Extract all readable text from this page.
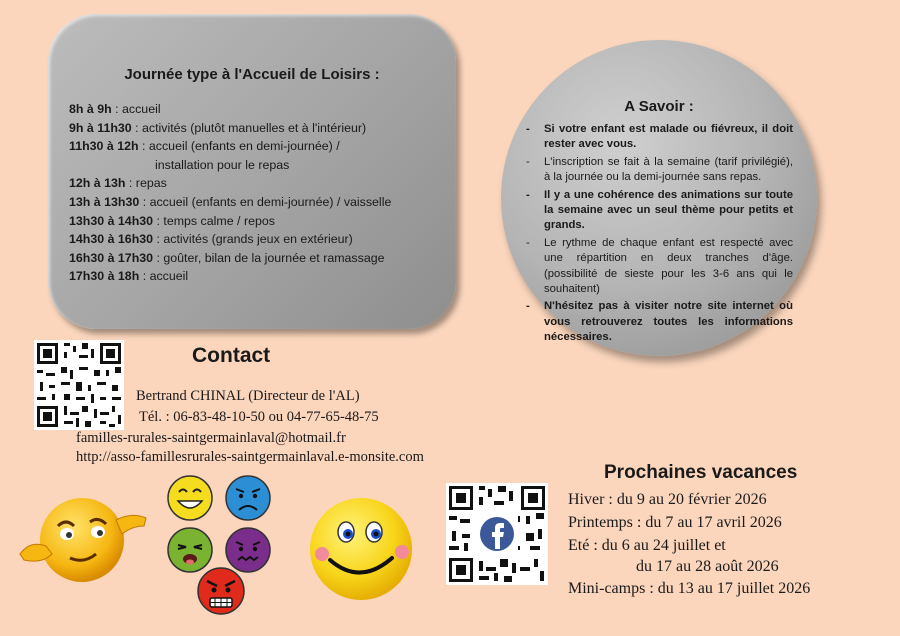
Journée type à l'Accueil de Loisirs :
8h à 9h : accueil
9h à 11h30 : activités (plutôt manuelles et à l'intérieur)
11h30 à 12h : accueil (enfants en demi-journée) /
installation pour le repas
12h à 13h : repas
13h à 13h30 : accueil (enfants en demi-journée) / vaisselle
13h30 à 14h30 : temps calme / repos
14h30 à 16h30 : activités (grands jeux en extérieur)
16h30 à 17h30 : goûter, bilan de la journée et ramassage
17h30 à 18h : accueil
A Savoir :
- Si votre enfant est malade ou fiévreux, il doit rester avec vous.
- L'inscription se fait à la semaine (tarif privilégié), à la journée ou la demi-journée sans repas.
- Il y a une cohérence des animations sur toute la semaine avec un seul thème pour petits et grands.
- Le rythme de chaque enfant est respecté avec une répartition en deux tranches d'âge. (possibilité de sieste pour les 3-6 ans qui le souhaitent)
- N'hésitez pas à visiter notre site internet où vous retrouverez toutes les informations nécessaires.
Contact
Bertrand CHINAL (Directeur de l'AL)
Tél. : 06-83-48-10-50 ou 04-77-65-48-75
familles-rurales-saintgermainlaval@hotmail.fr
http://asso-famillesrurales-saintgermainlaval.e-monsite.com
Prochaines vacances
Hiver : du 9 au 20 février 2026
Printemps : du 7 au 17 avril 2026
Eté : du 6 au 24 juillet et
du 17 au 28 août 2026
Mini-camps : du 13 au 17 juillet 2026
